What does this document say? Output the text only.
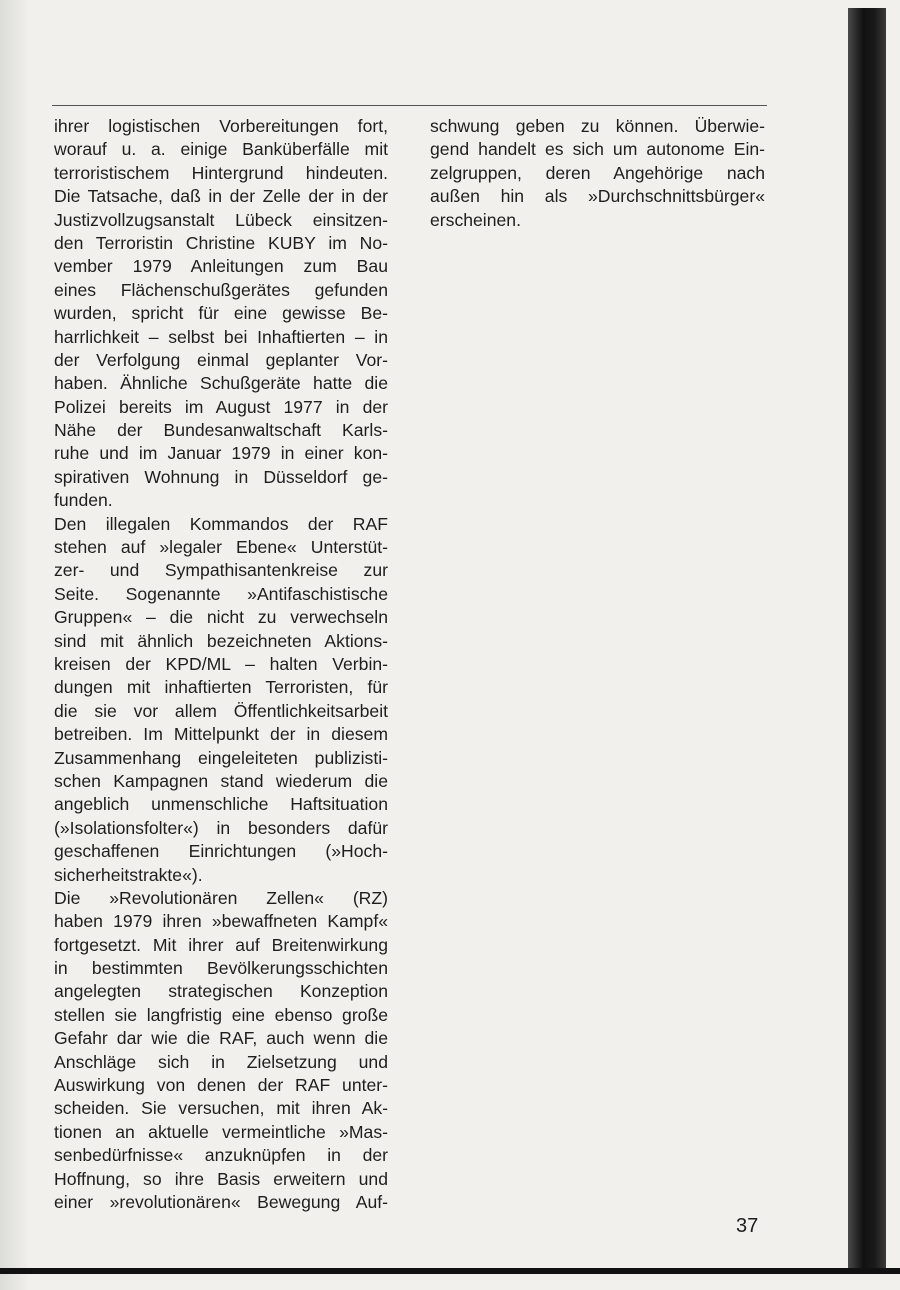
ihrer logistischen Vorbereitungen fort,
worauf u. a. einige Banküberfälle mit
terroristischem Hintergrund hindeuten.
Die Tatsache, daß in der Zelle der in der
Justizvollzugsanstalt Lübeck einsitzen-
den Terroristin Christine KUBY im No-
vember 1979 Anleitungen zum Bau
eines Flächenschußgerätes gefunden
wurden, spricht für eine gewisse Be-
harrlichkeit – selbst bei Inhaftierten – in
der Verfolgung einmal geplanter Vor-
haben. Ähnliche Schußgeräte hatte die
Polizei bereits im August 1977 in der
Nähe der Bundesanwaltschaft Karls-
ruhe und im Januar 1979 in einer kon-
spirativen Wohnung in Düsseldorf ge-
funden.
Den illegalen Kommandos der RAF
stehen auf »legaler Ebene« Unterstüt-
zer- und Sympathisantenkreise zur
Seite. Sogenannte »Antifaschistische
Gruppen« – die nicht zu verwechseln
sind mit ähnlich bezeichneten Aktions-
kreisen der KPD/ML – halten Verbin-
dungen mit inhaftierten Terroristen, für
die sie vor allem Öffentlichkeitsarbeit
betreiben. Im Mittelpunkt der in diesem
Zusammenhang eingeleiteten publizisti-
schen Kampagnen stand wiederum die
angeblich unmenschliche Haftsituation
(»Isolationsfolter«) in besonders dafür
geschaffenen Einrichtungen (»Hoch-
sicherheitstrakte«).
Die »Revolutionären Zellen« (RZ)
haben 1979 ihren »bewaffneten Kampf«
fortgesetzt. Mit ihrer auf Breitenwirkung
in bestimmten Bevölkerungsschichten
angelegten strategischen Konzeption
stellen sie langfristig eine ebenso große
Gefahr dar wie die RAF, auch wenn die
Anschläge sich in Zielsetzung und
Auswirkung von denen der RAF unter-
scheiden. Sie versuchen, mit ihren Ak-
tionen an aktuelle vermeintliche »Mas-
senbedürfnisse« anzuknüpfen in der
Hoffnung, so ihre Basis erweitern und
einer »revolutionären« Bewegung Auf-
schwung geben zu können. Überwie-
gend handelt es sich um autonome Ein-
zelgruppen, deren Angehörige nach
außen hin als »Durchschnittsbürger«
erscheinen.
37
